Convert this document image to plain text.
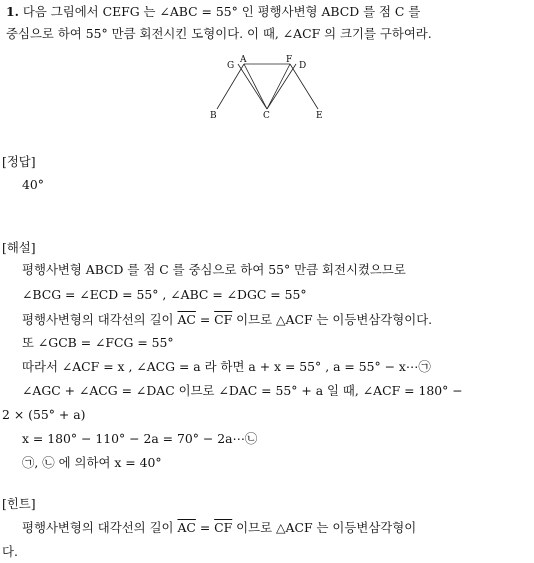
1. 다음 그림에서 CEFG 는 ∠ABC = 55° 인 평행사변형 ABCD 를 점 C 를
중심으로 하여 55° 만큼 회전시킨 도형이다. 이 때, ∠ACF 의 크기를 구하여라.
G
A	F
D
B	C	E
[정답]
40°
[해설]
평행사변형 ABCD 를 점 C 를 중심으로 하여 55° 만큼 회전시켰으므로
∠BCG = ∠ECD = 55° , ∠ABC = ∠DGC = 55°
평행사변형의 대각선의 길이 $\overline{AC} = \overline{CF}$ 이므로 △ACF 는 이등변삼각형이다.
또 ∠GCB = ∠FCG = 55°
따라서 ∠ACF = x , ∠ACG = a 라 하면 a + x = 55° , a = 55° − x⋯㉠
∠AGC + ∠ACG = ∠DAC 이므로 ∠DAC = 55° + a 일 때, ∠ACF = 180° −
2 × (55° + a)
x = 180° − 110° − 2a = 70° − 2a⋯㉡
㉠, ㉡ 에 의하여 x = 40°
[힌트]
평행사변형의 대각선의 길이 $\overline{AC} = \overline{CF}$ 이므로 △ACF 는 이등변삼각형이
다.
